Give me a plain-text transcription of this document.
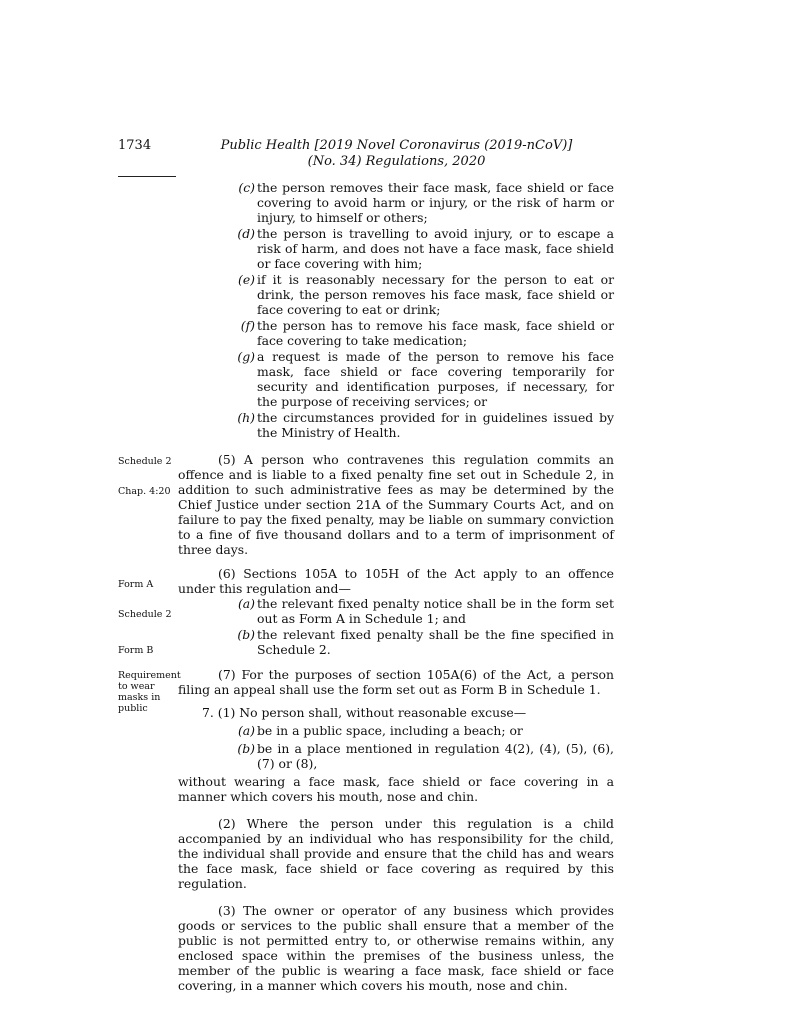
1734	Public Health [2019 Novel Coronavirus (2019-nCoV)]
(No. 34) Regulations, 2020
Schedule 2
Chap. 4:20
Form A
Schedule 2
Form B
Requirement to wear masks in public
(c) the person removes their face mask, face shield or face covering to avoid harm or injury, or the risk of harm or injury, to himself or others;
(d) the person is travelling to avoid injury, or to escape a risk of harm, and does not have a face mask, face shield or face covering with him;
(e) if it is reasonably necessary for the person to eat or drink, the person removes his face mask, face shield or face covering to eat or drink;
(f) the person has to remove his face mask, face shield or face covering to take medication;
(g) a request is made of the person to remove his face mask, face shield or face covering temporarily for security and identification purposes, if necessary, for the purpose of receiving services; or
(h) the circumstances provided for in guidelines issued by the Ministry of Health.
(5) A person who contravenes this regulation commits an offence and is liable to a fixed penalty fine set out in Schedule 2, in addition to such administrative fees as may be determined by the Chief Justice under section 21A of the Summary Courts Act, and on failure to pay the fixed penalty, may be liable on summary conviction to a fine of five thousand dollars and to a term of imprisonment of three days.
(6) Sections 105A to 105H of the Act apply to an offence under this regulation and—
(a) the relevant fixed penalty notice shall be in the form set out as Form A in Schedule 1; and
(b) the relevant fixed penalty shall be the fine specified in Schedule 2.
(7) For the purposes of section 105A(6) of the Act, a person filing an appeal shall use the form set out as Form B in Schedule 1.
7. (1) No person shall, without reasonable excuse—
(a) be in a public space, including a beach; or
(b) be in a place mentioned in regulation 4(2), (4), (5), (6), (7) or (8),
without wearing a face mask, face shield or face covering in a manner which covers his mouth, nose and chin.
(2) Where the person under this regulation is a child accompanied by an individual who has responsibility for the child, the individual shall provide and ensure that the child has and wears the face mask, face shield or face covering as required by this regulation.
(3) The owner or operator of any business which provides goods or services to the public shall ensure that a member of the public is not permitted entry to, or otherwise remains within, any enclosed space within the premises of the business unless, the member of the public is wearing a face mask, face shield or face covering, in a manner which covers his mouth, nose and chin.
